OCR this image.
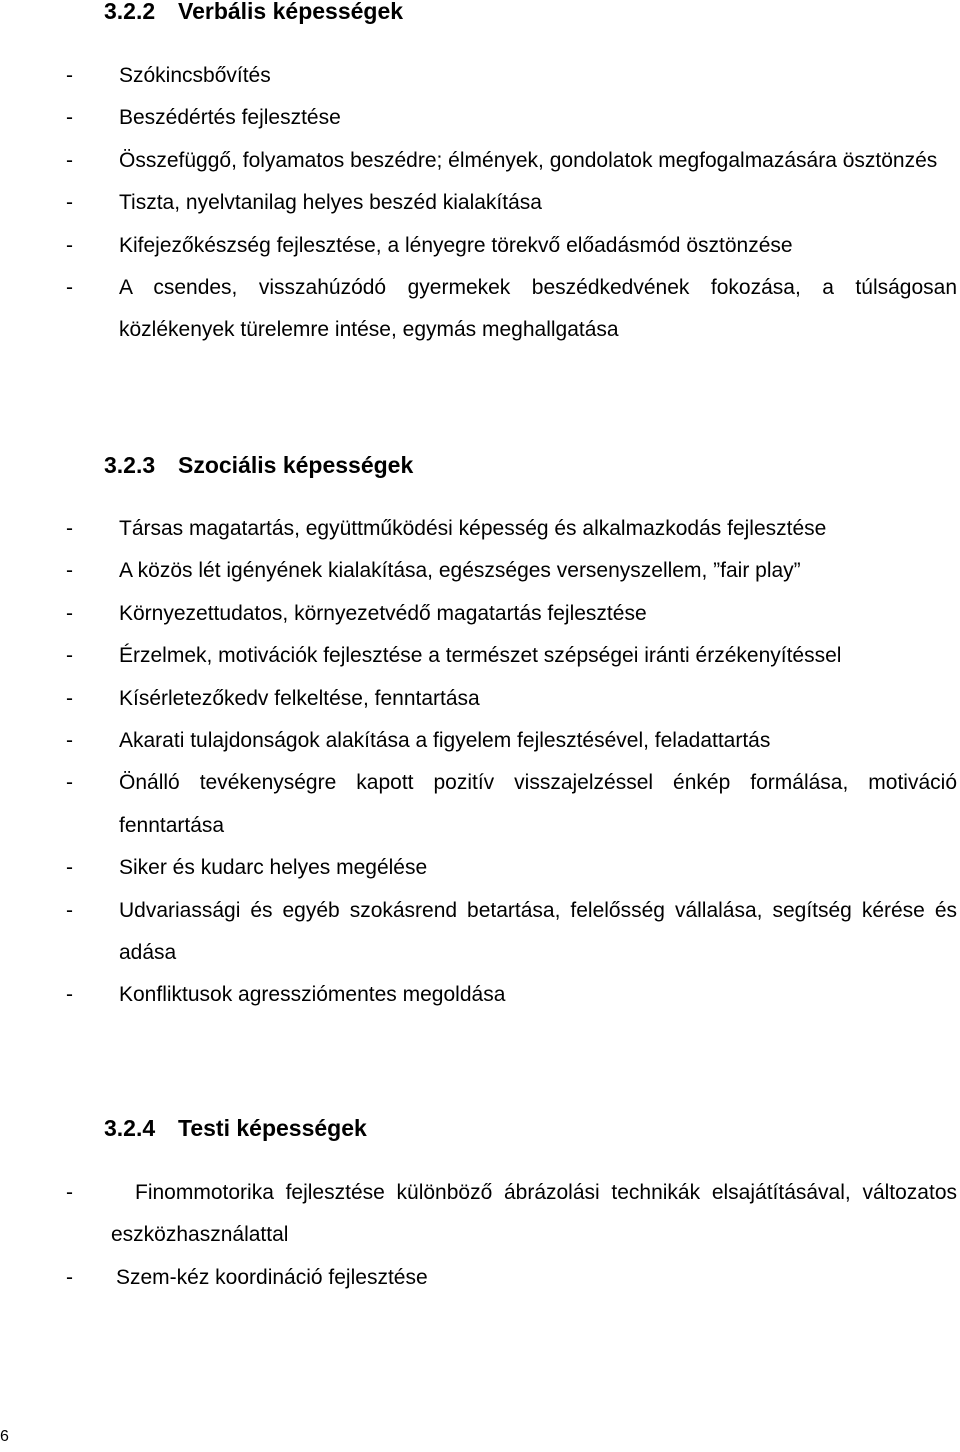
3.2.2 Verbális képességek
- Szókincsbővítés
- Beszédértés fejlesztése
- Összefüggő, folyamatos beszédre; élmények, gondolatok megfogalmazására ösztönzés
- Tiszta, nyelvtanilag helyes beszéd kialakítása
- Kifejezőkészség fejlesztése, a lényegre törekvő előadásmód ösztönzése
- A csendes, visszahúzódó gyermekek beszédkedvének fokozása, a túlságosan közlékenyek türelemre intése, egymás meghallgatása
3.2.3 Szociális képességek
- Társas magatartás, együttműködési képesség és alkalmazkodás fejlesztése
- A közös lét igényének kialakítása, egészséges versenyszellem, ”fair play”
- Környezettudatos, környezetvédő magatartás fejlesztése
- Érzelmek, motivációk fejlesztése a természet szépségei iránti érzékenyítéssel
- Kísérletezőkedv felkeltése, fenntartása
- Akarati tulajdonságok alakítása a figyelem fejlesztésével, feladattartás
- Önálló tevékenységre kapott pozitív visszajelzéssel énkép formálása, motiváció fenntartása
- Siker és kudarc helyes megélése
- Udvariassági és egyéb szokásrend betartása, felelősség vállalása, segítség kérése és adása
- Konfliktusok agressziómentes megoldása
3.2.4 Testi képességek
-	Finommotorika fejlesztése különböző ábrázolási technikák elsajátításával, változatos eszközhasználattal
- Szem-kéz koordináció fejlesztése
6
